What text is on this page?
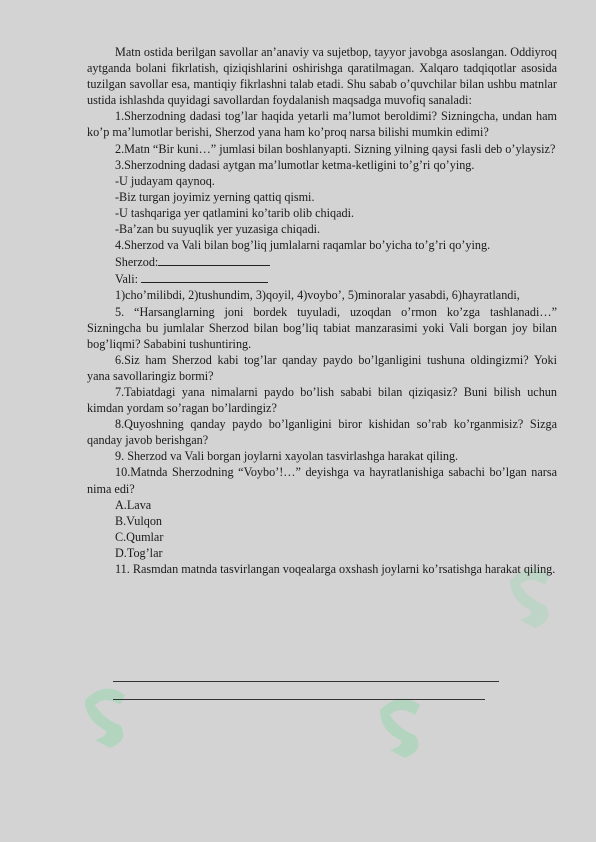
Matn ostida berilgan savollar an’anaviy va sujetbop, tayyor javobga asoslangan. Oddiyroq aytganda bolani fikrlatish, qiziqishlarini oshirishga qaratilmagan. Xalqaro tadqiqotlar asosida tuzilgan savollar esa, mantiqiy fikrlashni talab etadi. Shu sabab o’quvchilar bilan ushbu matnlar ustida ishlashda quyidagi savollardan foydalanish maqsadga muvofiq sanaladi:

1.Sherzodning dadasi tog’lar haqida yetarli ma’lumot beroldimi? Sizningcha, undan ham ko’p ma’lumotlar berishi, Sherzod yana ham ko’proq narsa bilishi mumkin edimi?

2.Matn “Bir kuni…” jumlasi bilan boshlanyapti. Sizning yilning qaysi fasli deb o’ylaysiz?

3.Sherzodning dadasi aytgan ma’lumotlar ketma-ketligini to’g’ri qo’ying.

-U judayam qaynoq.

-Biz turgan joyimiz yerning qattiq qismi.

-U tashqariga yer qatlamini ko’tarib olib chiqadi.

-Ba’zan bu suyuqlik yer yuzasiga chiqadi.

4.Sherzod va Vali bilan bog’liq jumlalarni raqamlar bo’yicha to’g’ri qo’ying.

Sherzod:

Vali:

1)cho’milibdi, 2)tushundim, 3)qoyil, 4)voybo’, 5)minoralar yasabdi, 6)hayratlandi,

5. “Harsanglarning joni bordek tuyuladi, uzoqdan o’rmon ko’zga tashlanadi…” Sizningcha bu jumlalar Sherzod bilan bog’liq tabiat manzarasimi yoki Vali borgan joy bilan bog’liqmi? Sababini tushuntiring.

6.Siz ham Sherzod kabi tog’lar qanday paydo bo’lganligini tushuna oldingizmi? Yoki yana savollaringiz bormi?

7.Tabiatdagi yana nimalarni paydo bo’lish sababi bilan qiziqasiz? Buni bilish uchun kimdan yordam so’ragan bo’lardingiz?

8.Quyoshning qanday paydo bo’lganligini biror kishidan so’rab ko’rganmisiz? Sizga qanday javob berishgan?

9. Sherzod va Vali borgan joylarni xayolan tasvirlashga harakat qiling.

10.Matnda Sherzodning “Voybo’!…” deyishga va hayratlanishiga sabachi bo’lgan narsa nima edi?

A.Lava

B.Vulqon

C.Qumlar

D.Tog’lar

11. Rasmdan matnda tasvirlangan voqealarga oxshash joylarni ko’rsatishga harakat qiling.
